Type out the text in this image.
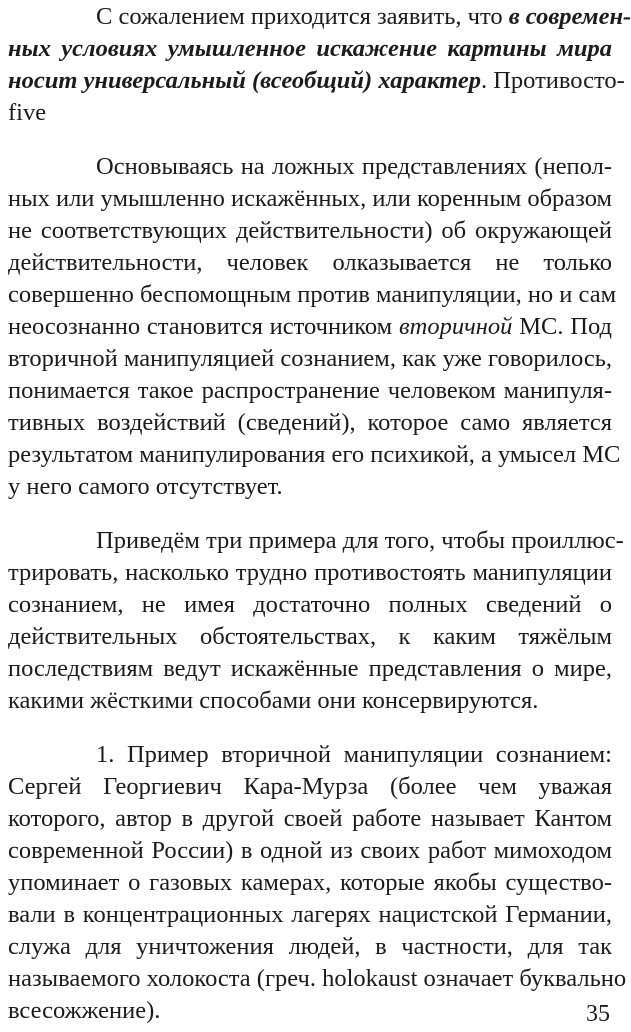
С сожалением приходится заявить, что в современ-
ных условиях умышленное искажение картины мира
носит универсальный (всеобщий) характер. Противосто-
five
Основываясь на ложных представлениях (непол-
ных или умышленно искажённых, или коренным образом
не соответствующих действительности) об окружающей
действительности, человек олказывается не только
совершенно беспомощным против манипуляции, но и сам
неосознанно становится источником вторичной МС. Под
вторичной манипуляцией сознанием, как уже говорилось,
понимается такое распространение человеком манипуля-
тивных воздействий (сведений), которое само является
результатом манипулирования его психикой, а умысел МС
у него самого отсутствует.
Приведём три примера для того, чтобы проиллюс-
трировать, насколько трудно противостоять манипуляции
сознанием, не имея достаточно полных сведений о
действительных обстоятельствах, к каким тяжёлым
последствиям ведут искажённые представления о мире,
какими жёсткими способами они консервируются.
1. Пример вторичной манипуляции сознанием:
Сергей Георгиевич Кара-Мурза (более чем уважая
которого, автор в другой своей работе называет Кантом
современной России) в одной из своих работ мимоходом
упоминает о газовых камерах, которые якобы существо-
вали в концентрационных лагерях нацистской Германии,
служа для уничтожения людей, в частности, для так
называемого холокоста (греч. holokaust означает буквально
всесожжение).	35
